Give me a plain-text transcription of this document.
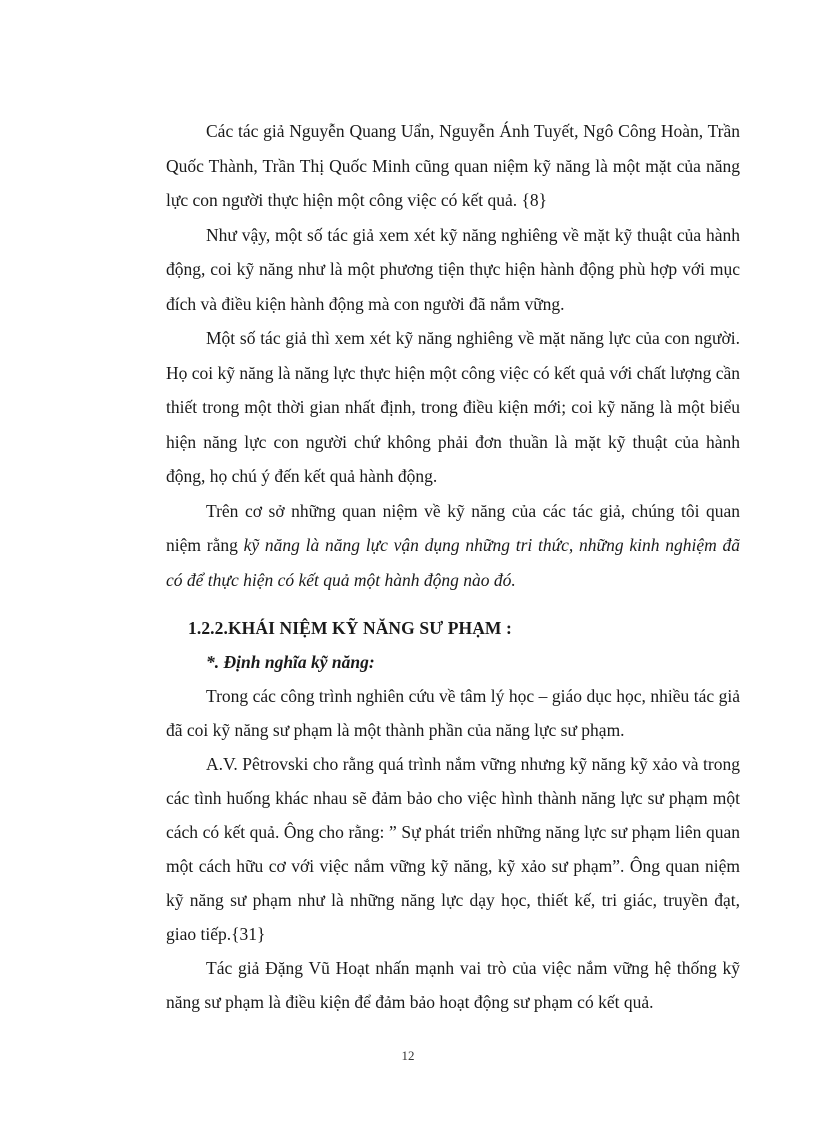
Các tác giả Nguyễn Quang Uẩn, Nguyễn Ánh Tuyết, Ngô Công Hoàn, Trần Quốc Thành, Trần Thị Quốc Minh cũng quan niệm kỹ năng là một mặt của năng lực con người thực hiện một công việc có kết quả. {8}

Như vậy, một số tác giả xem xét kỹ năng nghiêng về mặt kỹ thuật của hành động, coi kỹ năng như là một phương tiện thực hiện hành động phù hợp với mục đích và điều kiện hành động mà con người đã nắm vững.

Một số tác giả thì xem xét kỹ năng nghiêng về mặt năng lực của con người. Họ coi kỹ năng là năng lực thực hiện một công việc có kết quả với chất lượng cần thiết trong một thời gian nhất định, trong điều kiện mới; coi kỹ năng là một biểu hiện năng lực con người chứ không phải đơn thuần là mặt kỹ thuật của hành động, họ chú ý đến kết quả hành động.

Trên cơ sở những quan niệm về kỹ năng của các tác giả, chúng tôi quan niệm rằng kỹ năng là năng lực vận dụng những tri thức, những kinh nghiệm đã có để thực hiện có kết quả một hành động nào đó.

1.2.2.KHÁI NIỆM KỸ NĂNG SƯ PHẠM :
*. Định nghĩa kỹ năng:

Trong các công trình nghiên cứu về tâm lý học – giáo dục học, nhiều tác giả đã coi kỹ năng sư phạm là một thành phần của năng lực sư phạm.

A.V. Pêtrovski cho rằng quá trình nắm vững nhưng kỹ năng kỹ xảo và trong các tình huống khác nhau sẽ đảm bảo cho việc hình thành năng lực sư phạm một cách có kết quả. Ông cho rằng: ” Sự phát triển những năng lực sư phạm liên quan một cách hữu cơ với việc nắm vững kỹ năng, kỹ xảo sư phạm”. Ông quan niệm kỹ năng sư phạm như là những năng lực dạy học, thiết kế, tri giác, truyền đạt, giao tiếp.{31}

Tác giả Đặng Vũ Hoạt nhấn mạnh vai trò của việc nắm vững hệ thống kỹ năng sư phạm là điều kiện để đảm bảo hoạt động sư phạm có kết quả.

12
